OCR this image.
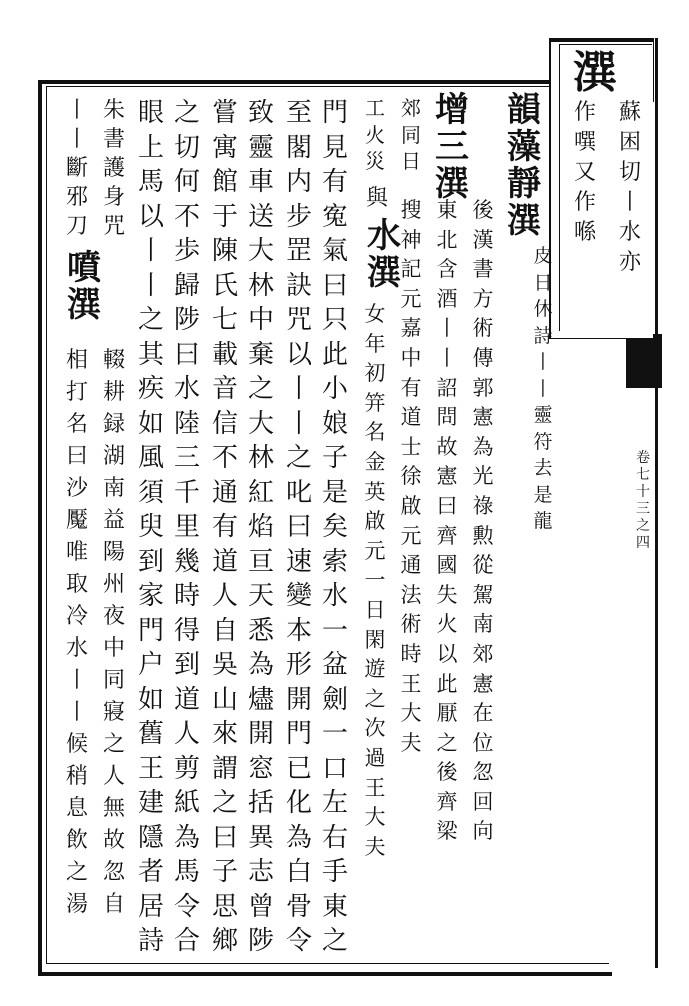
卷七十三之四
潠
蘇困切丨水亦
作噀又作喺
韻藻靜潠
皮日休詩丨丨靈符去是龍
增三潠
後漢書方術傳郭憲為光祿勲從駕南郊憲在位忽回向
東北含酒丨丨詔問故憲曰齊國失火以此厭之後齊梁
郊同日
工火災
搜神記元嘉中有道士徐啟元通法術時王大夫
水潠
與
女年初笄名金英啟元一日閑遊之次過王大夫
門見有寃氣曰只此小娘子是矣索水一盆劍一口左右手東之
至閣内步罡訣咒以丨丨之叱曰速變本形開門已化為白骨令
致靈車送大林中棄之大林紅焰亘天悉為燼開窓括異志曾陟
嘗寓館于陳氏七載音信不通有道人自吳山來謂之曰子思鄉
之切何不歩歸陟曰水陸三千里幾時得到道人剪紙為馬令合
眼上馬以丨丨之其疾如風須臾到家門户如舊王建隱者居詩
朱書護身咒
噴潠
輟耕録湖南益陽州夜中同寢之人無故忽自
丨丨斷邪刀
相打名曰沙魘唯取冷水丨丨候稍息飲之湯
